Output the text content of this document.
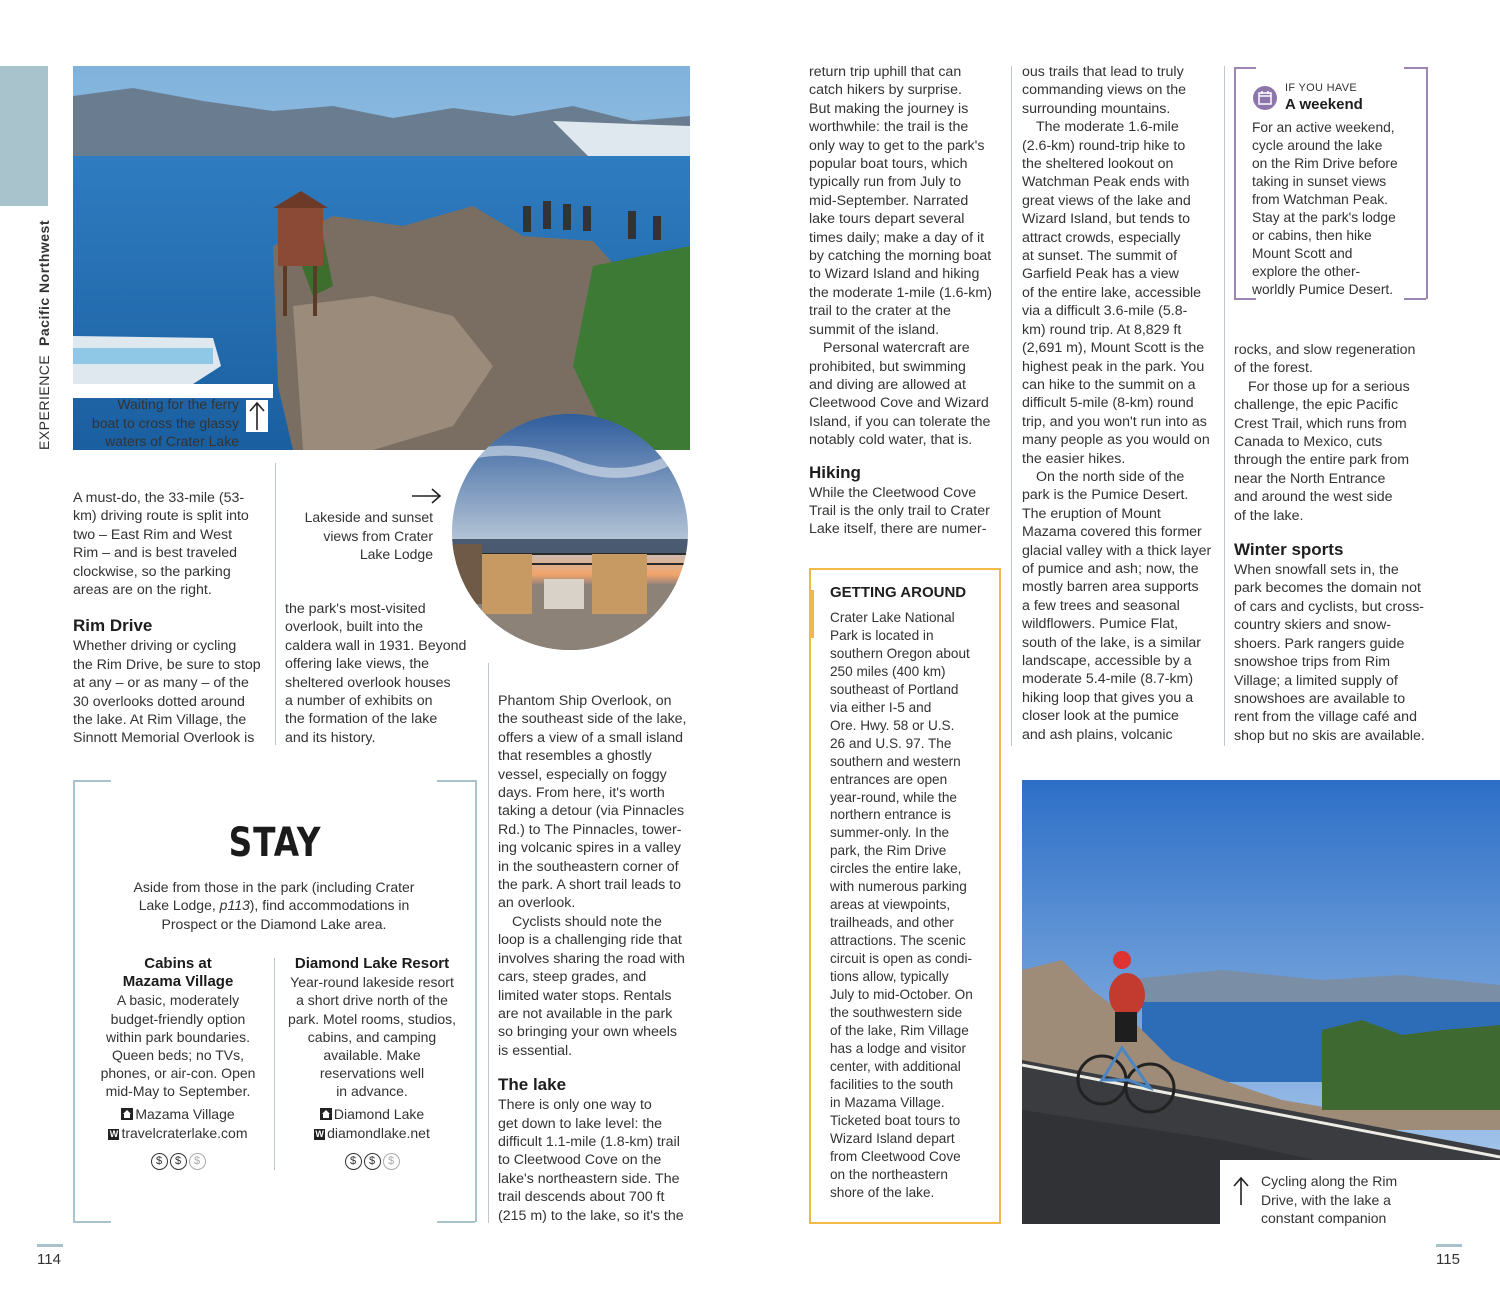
EXPERIENCE  Pacific Northwest
Waiting for the ferry
boat to cross the glassy
waters of Crater Lake
Lakeside and sunset
views from Crater
Lake Lodge

A must-do, the 33-mile (53-

km) driving route is split into

two – East Rim and West

Rim – and is best traveled

clockwise, so the parking

areas are on the right.

Rim Drive

Whether driving or cycling

the Rim Drive, be sure to stop

at any – or as many – of the

30 overlooks dotted around

the lake. At Rim Village, the

Sinnott Memorial Overlook is

the park's most-visited

overlook, built into the

caldera wall in 1931. Beyond

offering lake views, the

sheltered overlook houses

a number of exhibits on

the formation of the lake

and its history.

STAY
Aside from those in the park (including Crater
Lake Lodge, p113), find accommodations in
Prospect or the Diamond Lake area.
Cabins at
Mazama Village
A basic, moderately
budget-friendly option
within park boundaries.
Queen beds; no TVs,
phones, or air-con. Open
mid-May to September.
Mazama Village
W travelcraterlake.com
$ $ $
Diamond Lake Resort
Year-round lakeside resort
a short drive north of the
park. Motel rooms, studios,
cabins, and camping
available. Make
reservations well
in advance.
Diamond Lake
W diamondlake.net
$ $ $

Phantom Ship Overlook, on

the southeast side of the lake,

offers a view of a small island

that resembles a ghostly

vessel, especially on foggy

days. From here, it's worth

taking a detour (via Pinnacles

Rd.) to The Pinnacles, tower-

ing volcanic spires in a valley

in the southeastern corner of

the park. A short trail leads to

an overlook.

Cyclists should note the

loop is a challenging ride that

involves sharing the road with

cars, steep grades, and

limited water stops. Rentals

are not available in the park

so bringing your own wheels

is essential.

The lake

There is only one way to

get down to lake level: the

difficult 1.1-mile (1.8-km) trail

to Cleetwood Cove on the

lake's northeastern side. The

trail descends about 700 ft

(215 m) to the lake, so it's the

return trip uphill that can

catch hikers by surprise.

But making the journey is

worthwhile: the trail is the

only way to get to the park's

popular boat tours, which

typically run from July to

mid-September. Narrated

lake tours depart several

times daily; make a day of it

by catching the morning boat

to Wizard Island and hiking

the moderate 1-mile (1.6-km)

trail to the crater at the

summit of the island.

Personal watercraft are

prohibited, but swimming

and diving are allowed at

Cleetwood Cove and Wizard

Island, if you can tolerate the

notably cold water, that is.

Hiking

While the Cleetwood Cove

Trail is the only trail to Crater

Lake itself, there are numer-

GETTING AROUND
Crater Lake National
Park is located in
southern Oregon about
250 miles (400 km)
southeast of Portland
via either I-5 and
Ore. Hwy. 58 or U.S.
26 and U.S. 97. The
southern and western
entrances are open
year-round, while the
northern entrance is
summer-only. In the
park, the Rim Drive
circles the entire lake,
with numerous parking
areas at viewpoints,
trailheads, and other
attractions. The scenic
circuit is open as condi-
tions allow, typically
July to mid-October. On
the southwestern side
of the lake, Rim Village
has a lodge and visitor
center, with additional
facilities to the south
in Mazama Village.
Ticketed boat tours to
Wizard Island depart
from Cleetwood Cove
on the northeastern
shore of the lake.

ous trails that lead to truly

commanding views on the

surrounding mountains.

The moderate 1.6-mile

(2.6-km) round-trip hike to

the sheltered lookout on

Watchman Peak ends with

great views of the lake and

Wizard Island, but tends to

attract crowds, especially

at sunset. The summit of

Garfield Peak has a view

of the entire lake, accessible

via a difficult 3.6-mile (5.8-

km) round trip. At 8,829 ft

(2,691 m), Mount Scott is the

highest peak in the park. You

can hike to the summit on a

difficult 5-mile (8-km) round

trip, and you won't run into as

many people as you would on

the easier hikes.

On the north side of the

park is the Pumice Desert.

The eruption of Mount

Mazama covered this former

glacial valley with a thick layer

of pumice and ash; now, the

mostly barren area supports

a few trees and seasonal

wildflowers. Pumice Flat,

south of the lake, is a similar

landscape, accessible by a

moderate 5.4-mile (8.7-km)

hiking loop that gives you a

closer look at the pumice

and ash plains, volcanic

IF YOU HAVE
A weekend
For an active weekend,
cycle around the lake
on the Rim Drive before
taking in sunset views
from Watchman Peak.
Stay at the park's lodge
or cabins, then hike
Mount Scott and
explore the other-
worldly Pumice Desert.

rocks, and slow regeneration

of the forest.

For those up for a serious

challenge, the epic Pacific

Crest Trail, which runs from

Canada to Mexico, cuts

through the entire park from

near the North Entrance

and around the west side

of the lake.

Winter sports

When snowfall sets in, the

park becomes the domain not

of cars and cyclists, but cross-

country skiers and snow-

shoers. Park rangers guide

snowshoe trips from Rim

Village; a limited supply of

snowshoes are available to

rent from the village café and

shop but no skis are available.

Cycling along the Rim
Drive, with the lake a
constant companion
114	115
